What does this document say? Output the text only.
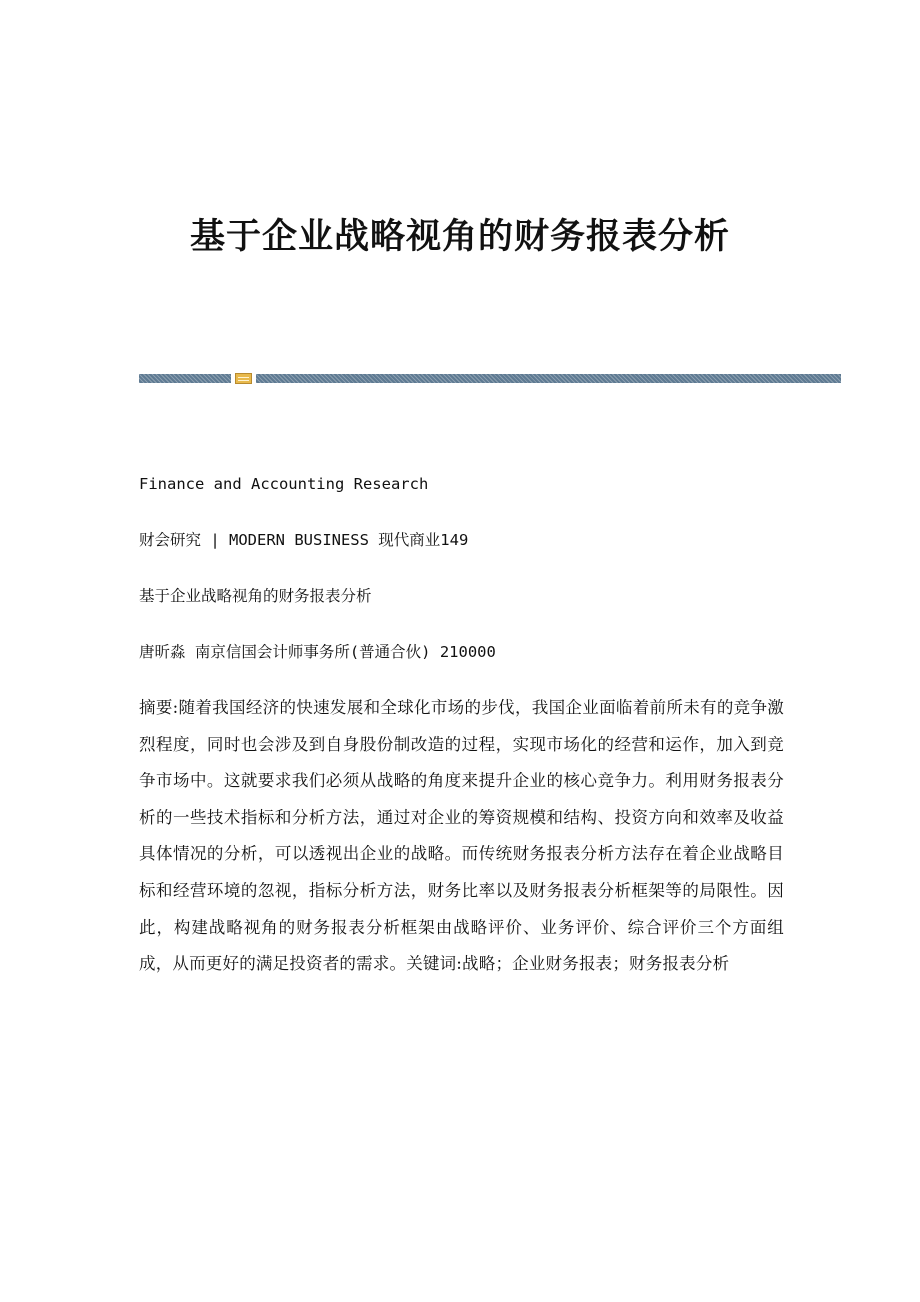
基于企业战略视角的财务报表分析

Finance and Accounting Research

财会研究 | MODERN BUSINESS 现代商业149

基于企业战略视角的财务报表分析

唐昕淼 南京信国会计师事务所(普通合伙) 210000

摘要:随着我国经济的快速发展和全球化市场的步伐，我国企业面临着前所未有的竞争激烈程度，同时也会涉及到自身股份制改造的过程，实现市场化的经营和运作，加入到竞争市场中。这就要求我们必须从战略的角度来提升企业的核心竞争力。利用财务报表分析的一些技术指标和分析方法，通过对企业的筹资规模和结构、投资方向和效率及收益具体情况的分析，可以透视出企业的战略。而传统财务报表分析方法存在着企业战略目标和经营环境的忽视，指标分析方法，财务比率以及财务报表分析框架等的局限性。因此，构建战略视角的财务报表分析框架由战略评价、业务评价、综合评价三个方面组成，从而更好的满足投资者的需求。关键词:战略；企业财务报表；财务报表分析
